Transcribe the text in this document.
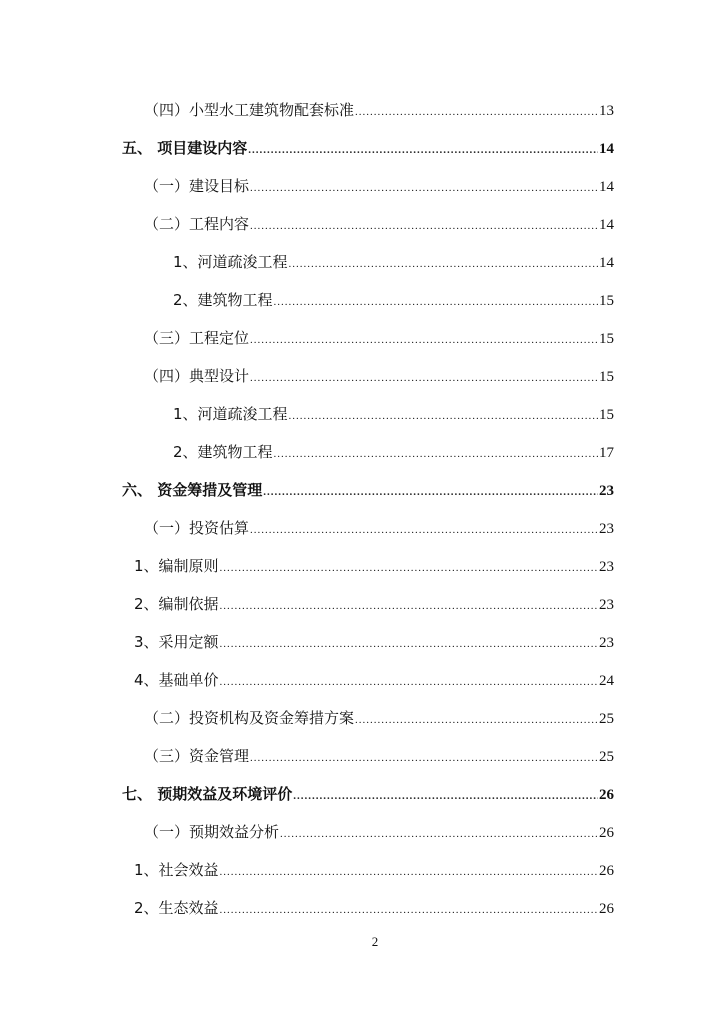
（四）小型水工建筑物配套标准 .....	13
五、 项目建设内容 .....	14
（一）建设目标 .....	14
（二）工程内容 .....	14
1、河道疏浚工程 .....	14
2、建筑物工程 .....	15
（三）工程定位 .....	15
（四）典型设计 .....	15
1、河道疏浚工程 .....	15
2、建筑物工程 .....	17
六、 资金筹措及管理 .....	23
（一）投资估算 .....	23
1、编制原则 .....	23
2、编制依据 .....	23
3、采用定额 .....	23
4、基础单价 .....	24
（二）投资机构及资金筹措方案 .....	25
（三）资金管理 .....	25
七、 预期效益及环境评价 .....	26
（一）预期效益分析 .....	26
1、社会效益 .....	26
2、生态效益 .....	26
2
